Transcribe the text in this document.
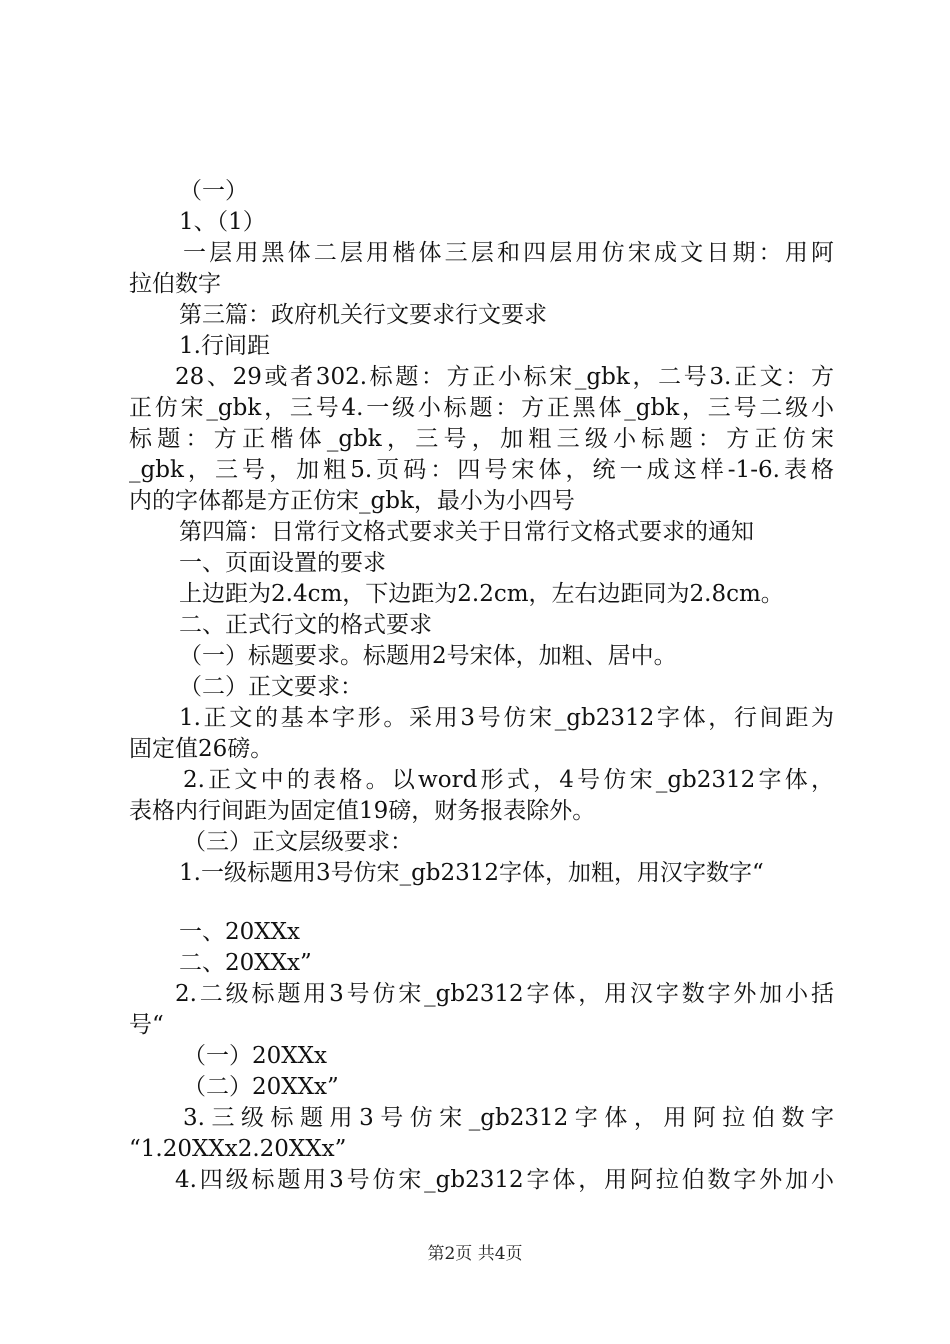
（一）
1、（1）
一层用黑体二层用楷体三层和四层用仿宋成文日期：用阿
拉伯数字
第三篇：政府机关行文要求行文要求
1.行间距
28、29或者302.标题：方正小标宋_gbk，二号3.正文：方
正仿宋_gbk，三号4.一级小标题：方正黑体_gbk，三号二级小
标题：方正楷体_gbk，三号，加粗三级小标题：方正仿宋
_gbk，三号，加粗5.页码：四号宋体，统一成这样-1-6.表格
内的字体都是方正仿宋_gbk，最小为小四号
第四篇：日常行文格式要求关于日常行文格式要求的通知
一、页面设置的要求
上边距为2.4cm，下边距为2.2cm，左右边距同为2.8cm。
二、正式行文的格式要求
（一）标题要求。标题用2号宋体，加粗、居中。
（二）正文要求：
1.正文的基本字形。采用3号仿宋_gb2312字体，行间距为
固定值26磅。
2.正文中的表格。以word形式，4号仿宋_gb2312字体，
表格内行间距为固定值19磅，财务报表除外。
（三）正文层级要求：
1.一级标题用3号仿宋_gb2312字体，加粗，用汉字数字“
一、20XXx
二、20XXx”
2.二级标题用3号仿宋_gb2312字体，用汉字数字外加小括
号“
（一）20XXx
（二）20XXx”
3.三级标题用3号仿宋_gb2312字体，用阿拉伯数字
“1.20XXx2.20XXx”
4.四级标题用3号仿宋_gb2312字体，用阿拉伯数字外加小
第2页 共4页
